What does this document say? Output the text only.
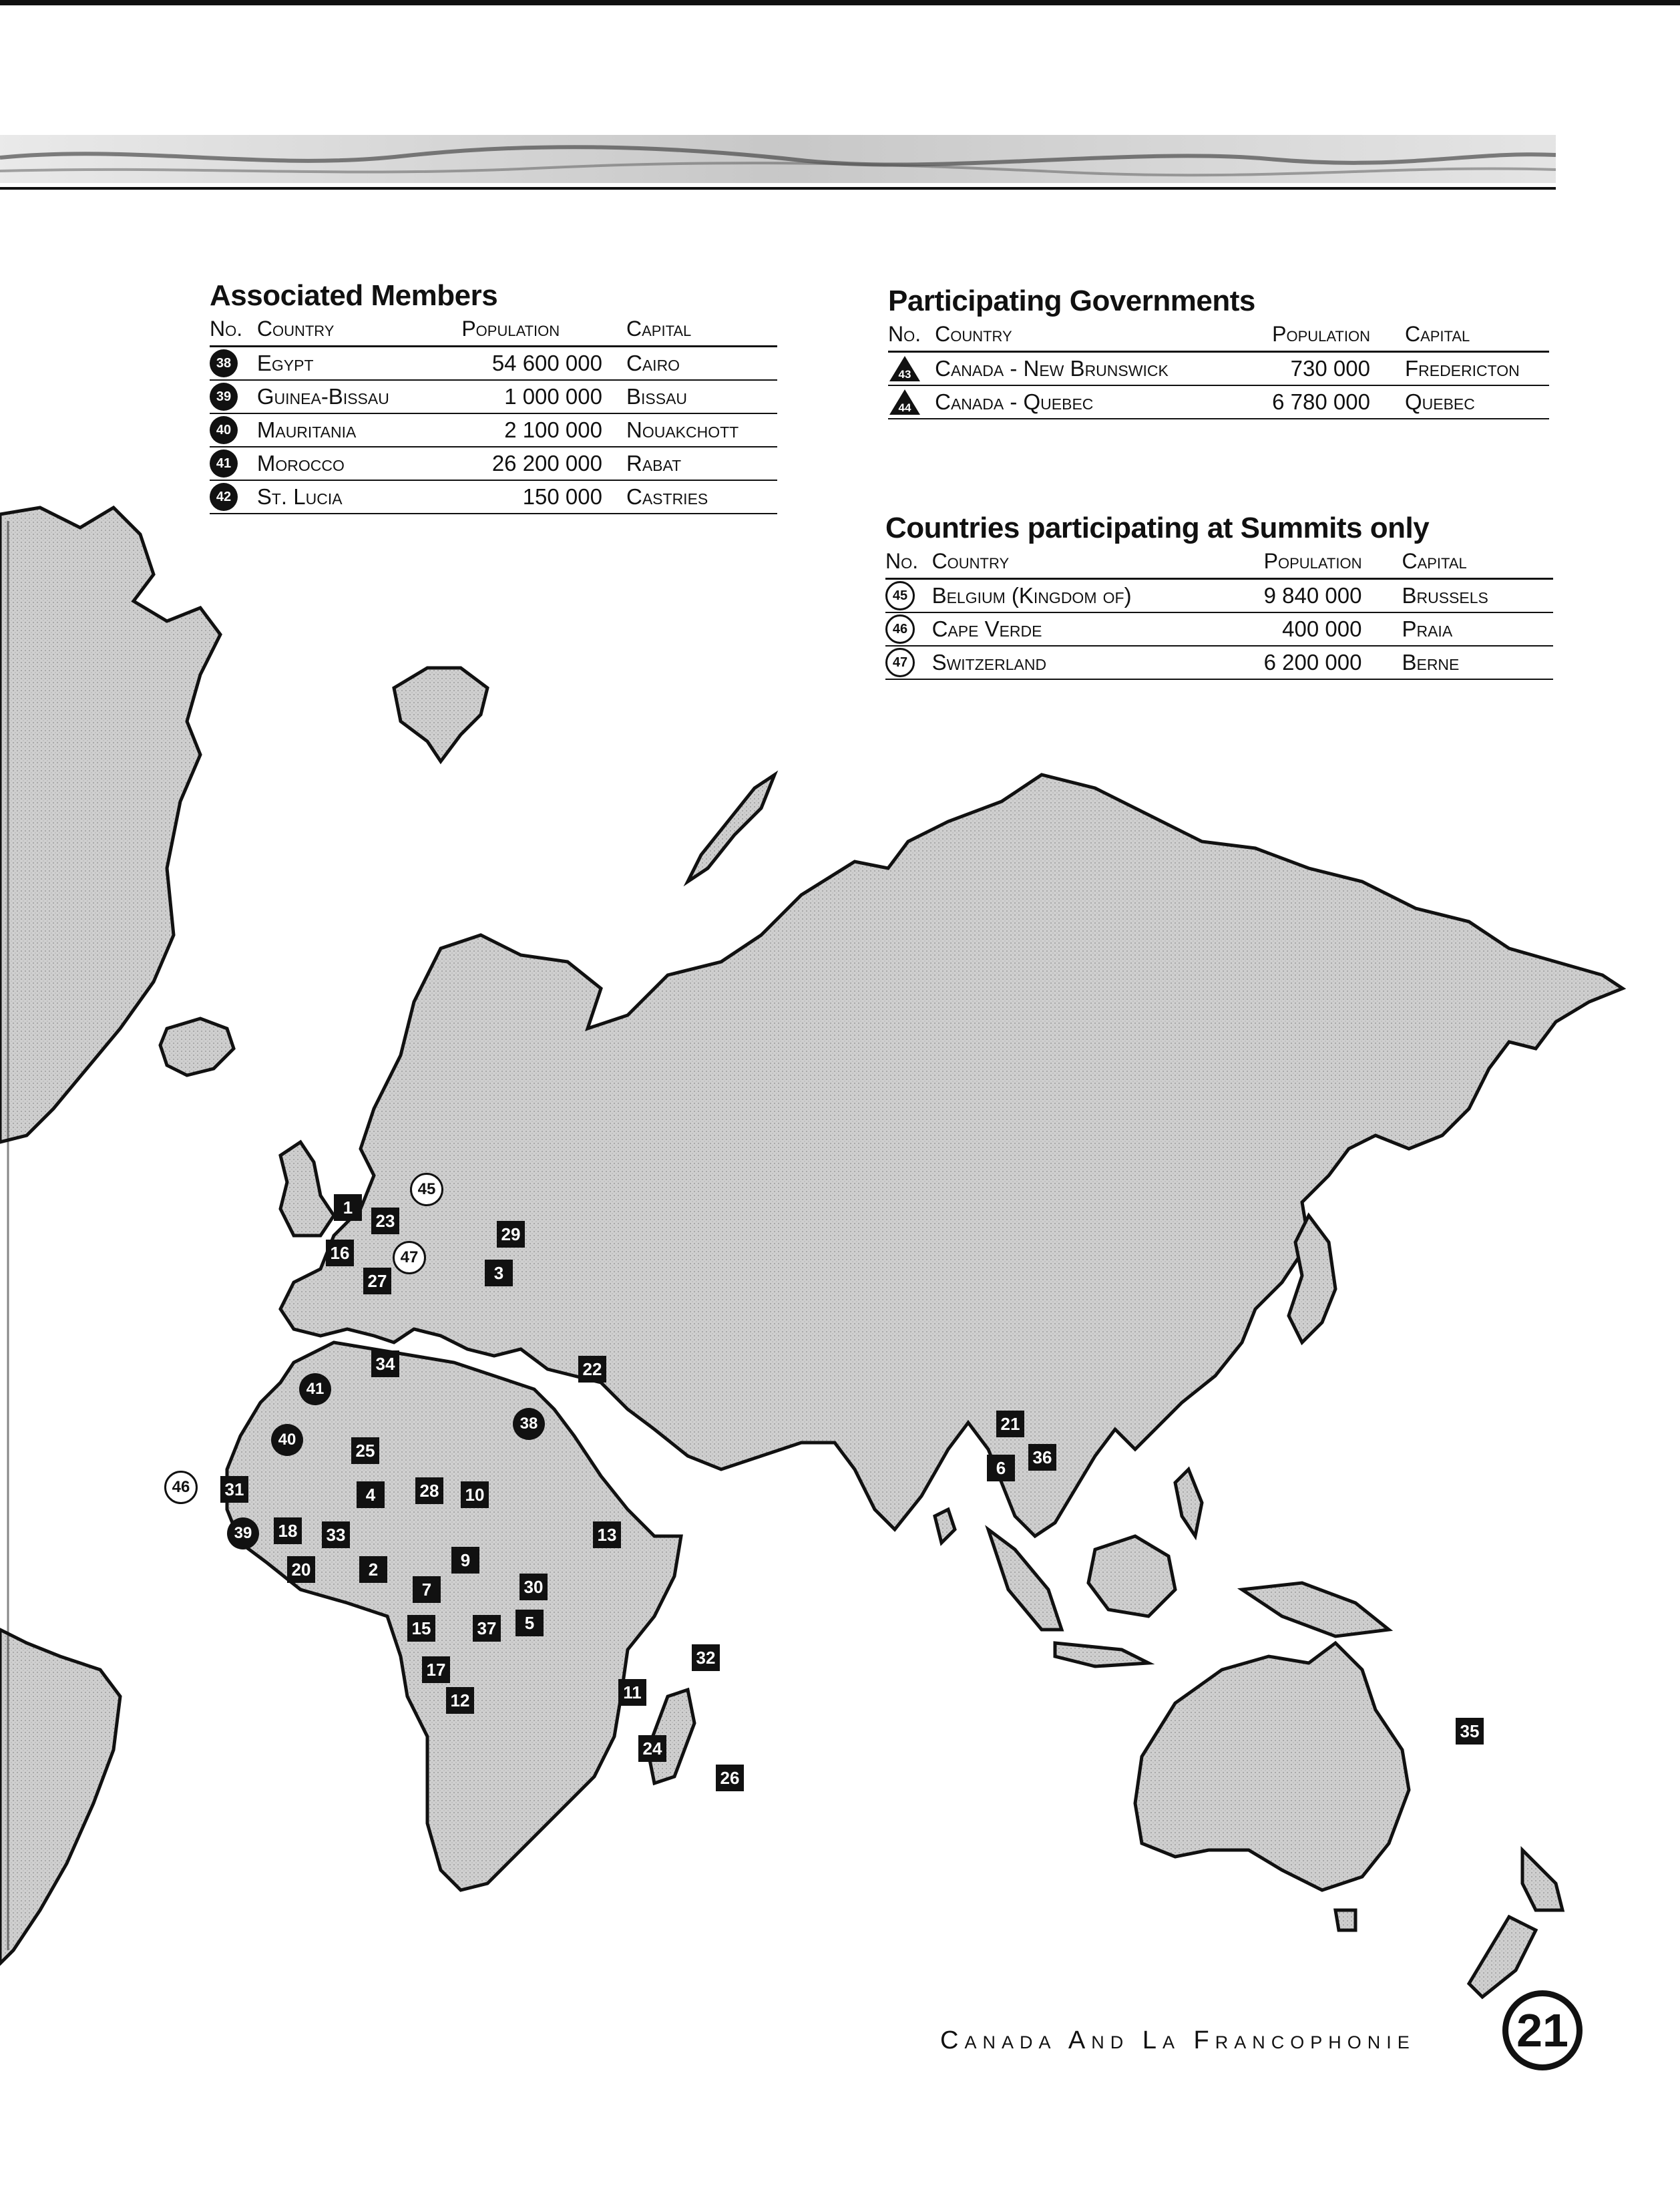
1
2
3
4
5
6
7
9
10
11
12
13
15
16
17
18
20
21
22
23
24
25
26
27
28
29
30
31
32
33
34
35
36
37
38
39
40
41
45
46
47
Associated Members
No. Country	Population	Capital
38 Egypt	54 600 000	Cairo
39 Guinea-Bissau	1 000 000	Bissau
40 Mauritania	2 100 000	Nouakchott
41 Morocco	26 200 000	Rabat
42 St. Lucia	150 000	Castries
Participating Governments
No. Country	Population	Capital
43	Canada - New Brunswick	730 000	Fredericton
44	Canada - Quebec	6 780 000	Quebec
Countries participating at Summits only
No. Country	Population	Capital
45	Belgium (Kingdom of)	9 840 000	Brussels
46	Cape Verde	400 000	Praia
47	Switzerland	6 200 000	Berne
Canada And La Francophonie	21
